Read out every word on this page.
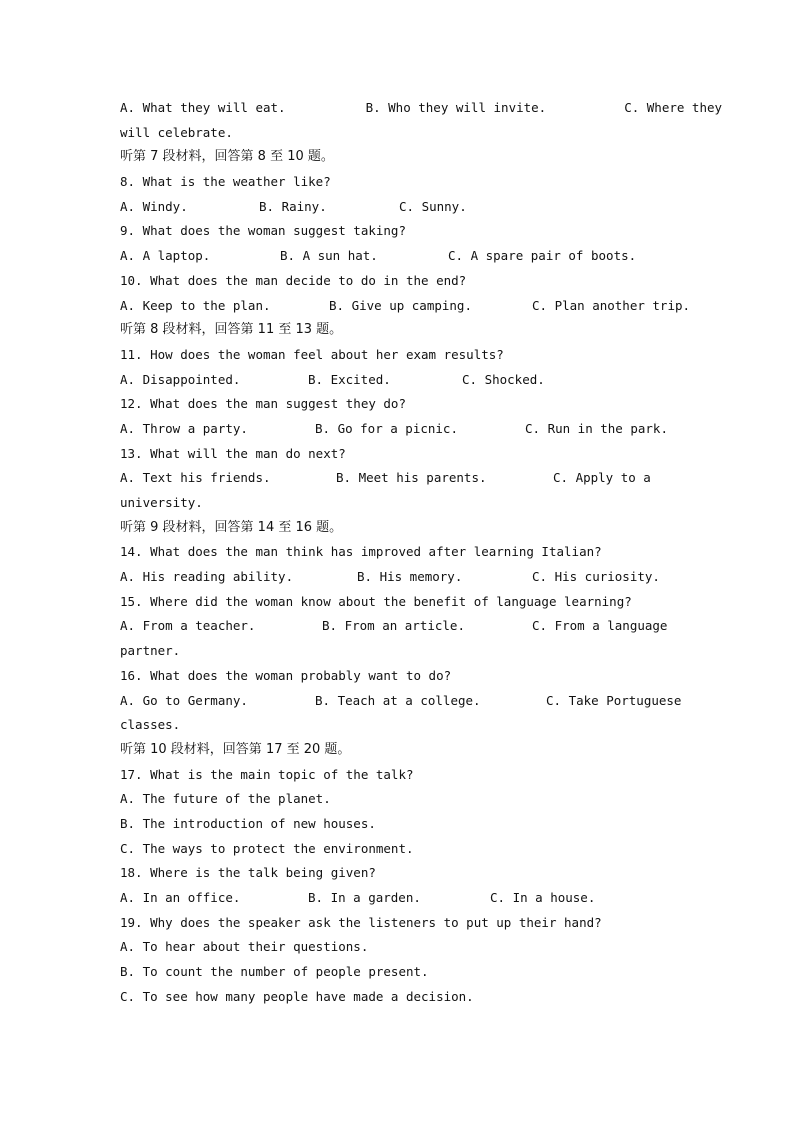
A. What they will eat.	B. Who they will invite.	C. Where they
will celebrate.
听第 7 段材料，回答第 8 至 10 题。
8. What is the weather like?
A. Windy.	B. Rainy.	C. Sunny.
9. What does the woman suggest taking?
A. A laptop.	B. A sun hat.	C. A spare pair of boots.
10. What does the man decide to do in the end?
A. Keep to the plan.	B. Give up camping.	C. Plan another trip.
听第 8 段材料，回答第 11 至 13 题。
11. How does the woman feel about her exam results?
A. Disappointed.	B. Excited.	C. Shocked.
12. What does the man suggest they do?
A. Throw a party.	B. Go for a picnic.	C. Run in the park.
13. What will the man do next?
A. Text his friends.	B. Meet his parents.	C. Apply to a
university.
听第 9 段材料，回答第 14 至 16 题。
14. What does the man think has improved after learning Italian?
A. His reading ability.	B. His memory.	C. His curiosity.
15. Where did the woman know about the benefit of language learning?
A. From a teacher.	B. From an article.	C. From a language
partner.
16. What does the woman probably want to do?
A. Go to Germany.	B. Teach at a college.	C. Take Portuguese
classes.
听第 10 段材料，回答第 17 至 20 题。
17. What is the main topic of the talk?
A. The future of the planet.
B. The introduction of new houses.
C. The ways to protect the environment.
18. Where is the talk being given?
A. In an office.	B. In a garden.	C. In a house.
19. Why does the speaker ask the listeners to put up their hand?
A. To hear about their questions.
B. To count the number of people present.
C. To see how many people have made a decision.
